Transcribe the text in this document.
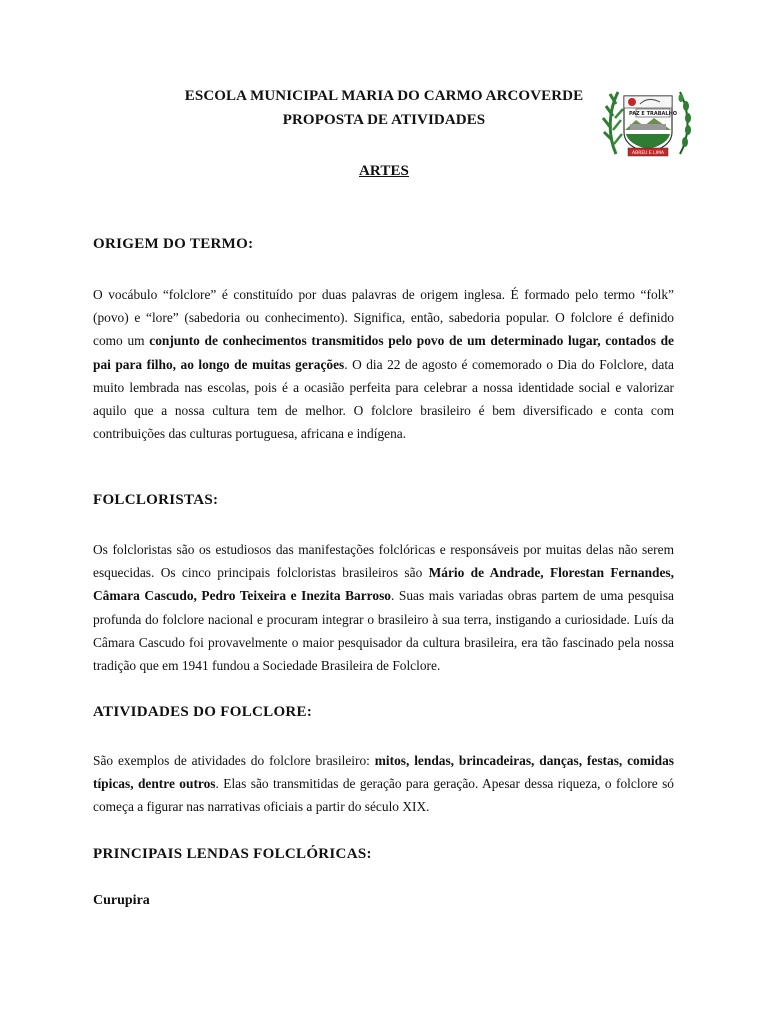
ESCOLA MUNICIPAL MARIA DO CARMO ARCOVERDE
PROPOSTA DE ATIVIDADES
ARTES
PAZ E TRABALHO
ABREU E LIMA
ORIGEM DO TERMO:
O vocábulo “folclore” é constituído por duas palavras de origem inglesa. É formado pelo termo “folk” (povo) e “lore” (sabedoria ou conhecimento). Significa, então, sabedoria popular. O folclore é definido como um conjunto de conhecimentos transmitidos pelo povo de um determinado lugar, contados de pai para filho, ao longo de muitas gerações. O dia 22 de agosto é comemorado o Dia do Folclore, data muito lembrada nas escolas, pois é a ocasião perfeita para celebrar a nossa identidade social e valorizar aquilo que a nossa cultura tem de melhor. O folclore brasileiro é bem diversificado e conta com contribuições das culturas portuguesa, africana e indígena.
FOLCLORISTAS:
Os folcloristas são os estudiosos das manifestações folclóricas e responsáveis por muitas delas não serem esquecidas. Os cinco principais folcloristas brasileiros são Mário de Andrade, Florestan Fernandes, Câmara Cascudo, Pedro Teixeira e Inezita Barroso. Suas mais variadas obras partem de uma pesquisa profunda do folclore nacional e procuram integrar o brasileiro à sua terra, instigando a curiosidade. Luís da Câmara Cascudo foi provavelmente o maior pesquisador da cultura brasileira, era tão fascinado pela nossa tradição que em 1941 fundou a Sociedade Brasileira de Folclore.
ATIVIDADES DO FOLCLORE:
São exemplos de atividades do folclore brasileiro: mitos, lendas, brincadeiras, danças, festas, comidas típicas, dentre outros. Elas são transmitidas de geração para geração. Apesar dessa riqueza, o folclore só começa a figurar nas narrativas oficiais a partir do século XIX.
PRINCIPAIS LENDAS FOLCLÓRICAS:
Curupira
